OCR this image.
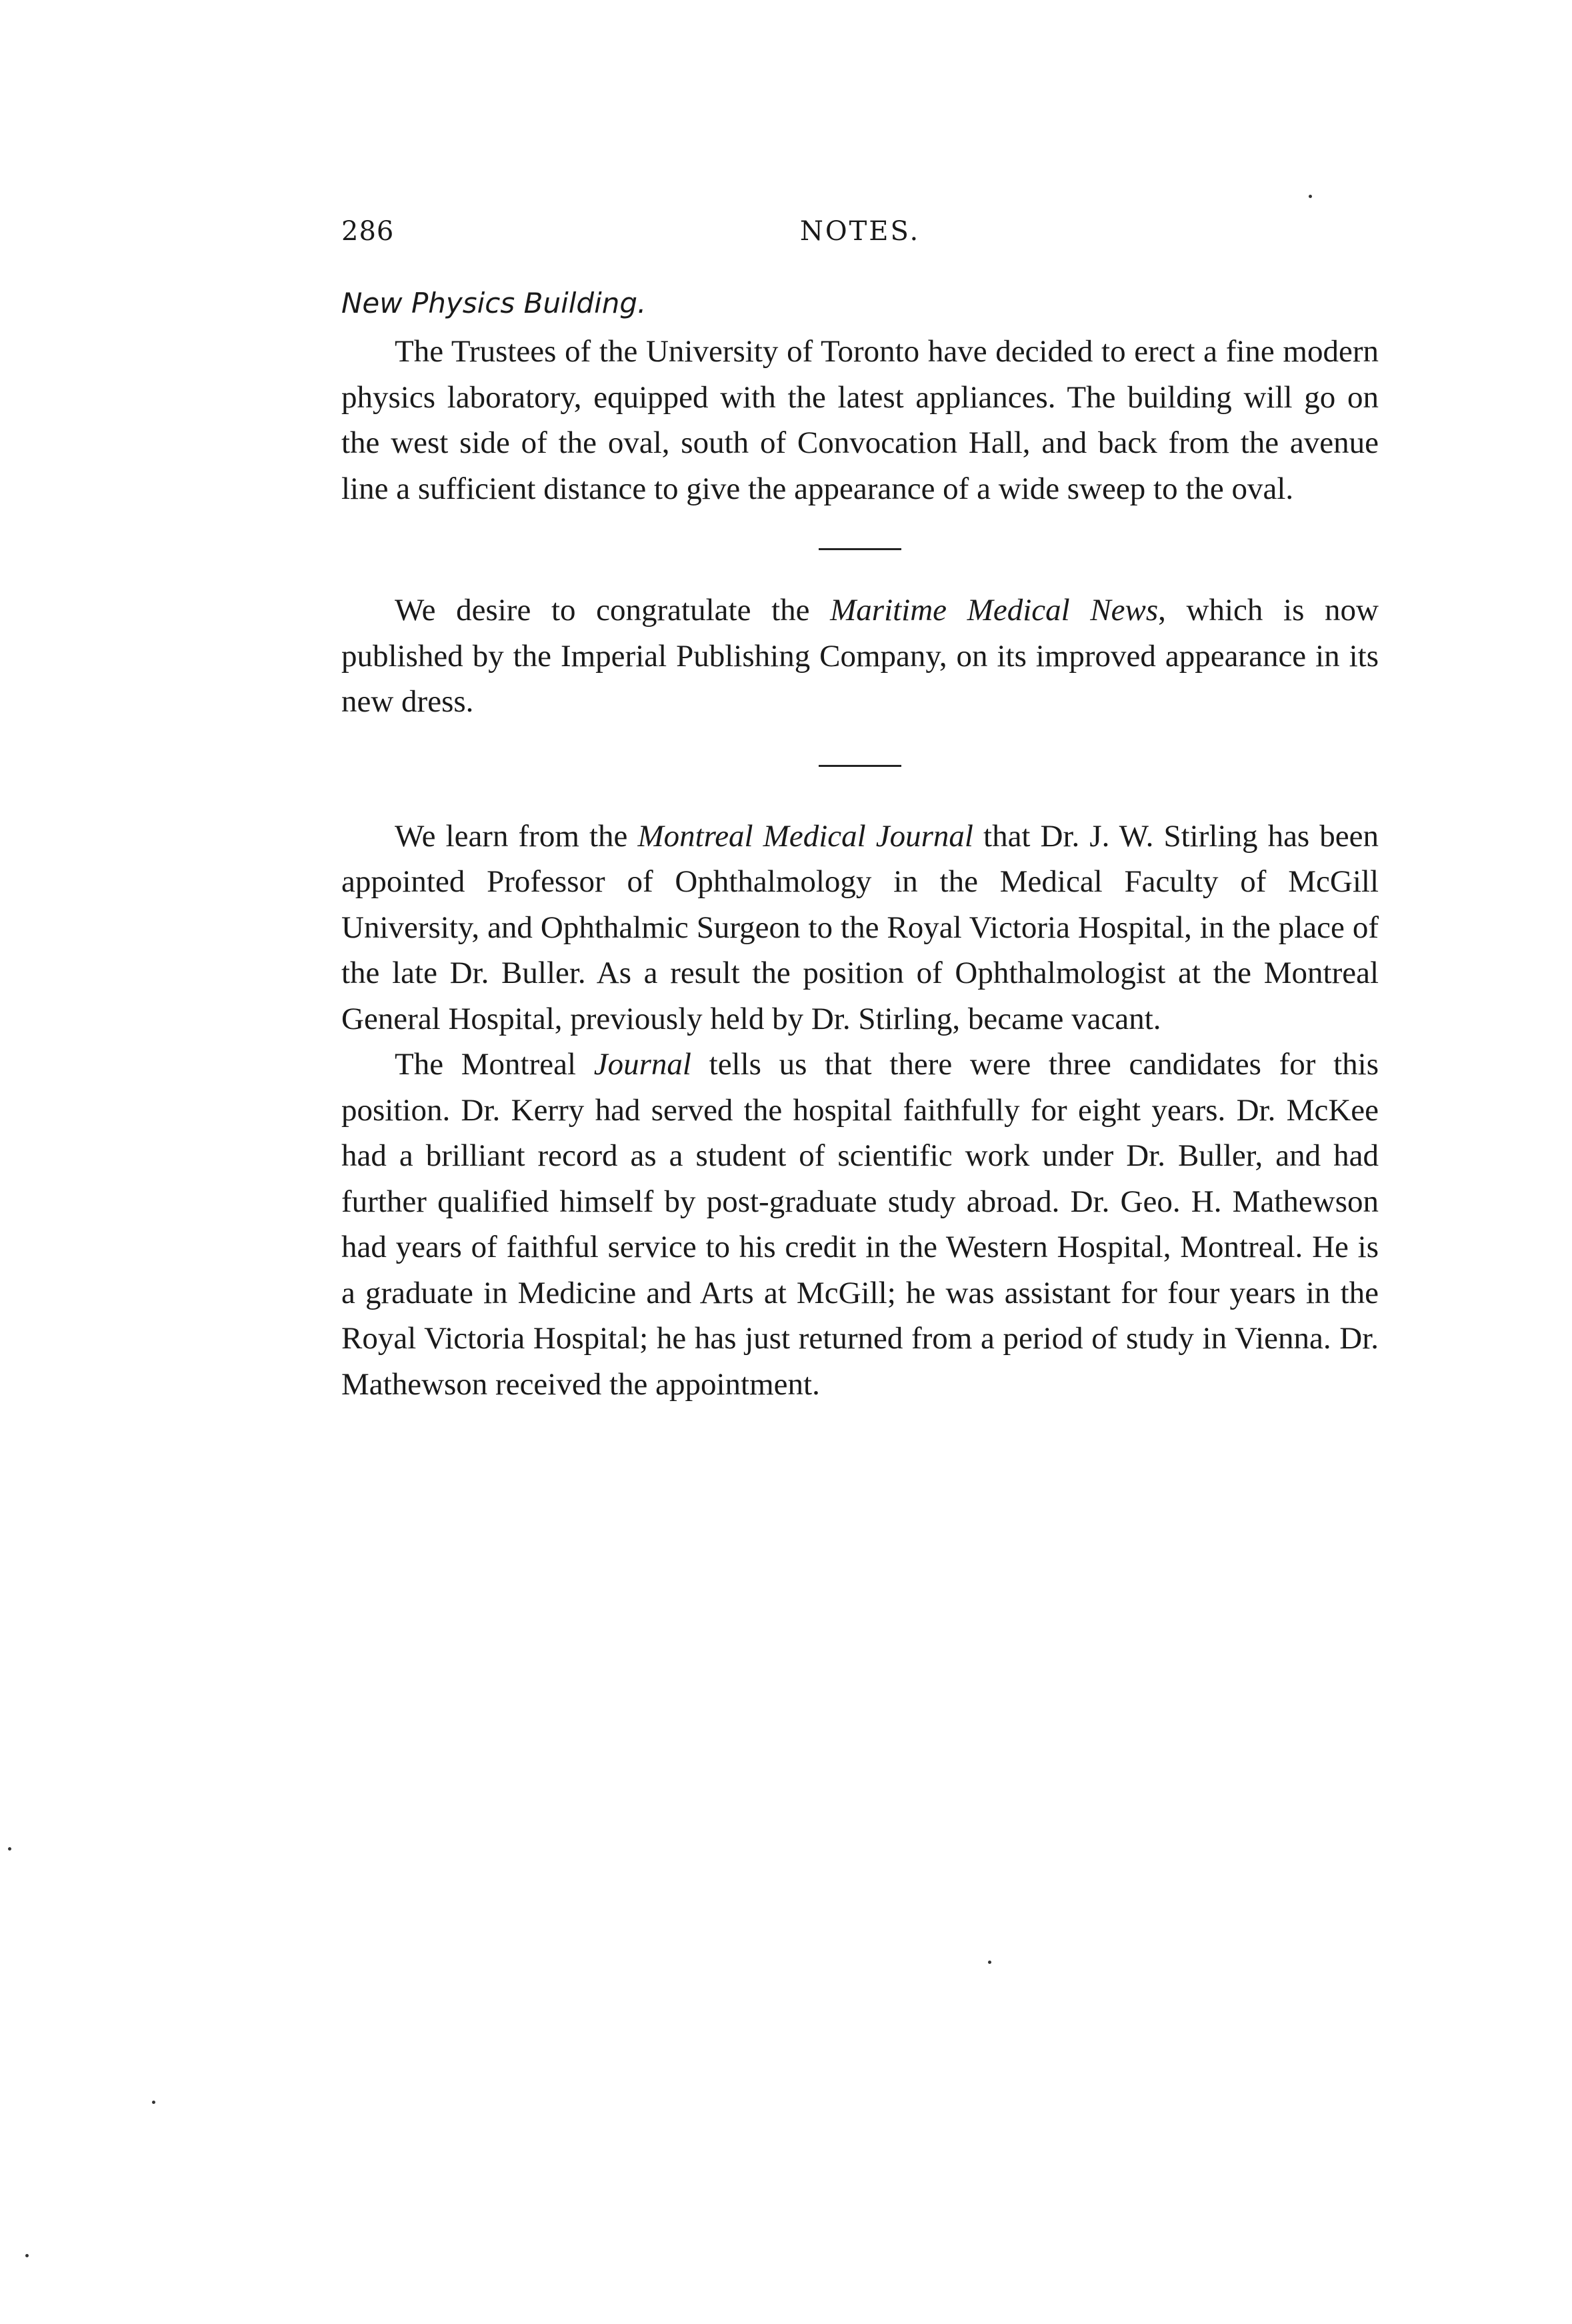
286	NOTES.
New Physics Building.

The Trustees of the University of Toronto have decided to erect a fine modern physics laboratory, equipped with the latest appliances. The building will go on the west side of the oval, south of Convocation Hall, and back from the avenue line a sufficient distance to give the appearance of a wide sweep to the oval.

We desire to congratulate the Maritime Medical News, which is now published by the Imperial Publishing Company, on its improved appearance in its new dress.

We learn from the Montreal Medical Journal that Dr. J. W. Stirling has been appointed Professor of Ophthalmology in the Medical Faculty of McGill University, and Ophthalmic Surgeon to the Royal Victoria Hospital, in the place of the late Dr. Buller. As a result the position of Ophthalmologist at the Montreal General Hospital, previously held by Dr. Stirling, became vacant.

The Montreal Journal tells us that there were three candidates for this position. Dr. Kerry had served the hospital faithfully for eight years. Dr. McKee had a brilliant record as a student of scientific work under Dr. Buller, and had further qualified himself by post-graduate study abroad. Dr. Geo. H. Mathewson had years of faithful service to his credit in the Western Hospital, Montreal. He is a graduate in Medicine and Arts at McGill; he was assistant for four years in the Royal Victoria Hospital; he has just returned from a period of study in Vienna. Dr. Mathewson received the appointment.
